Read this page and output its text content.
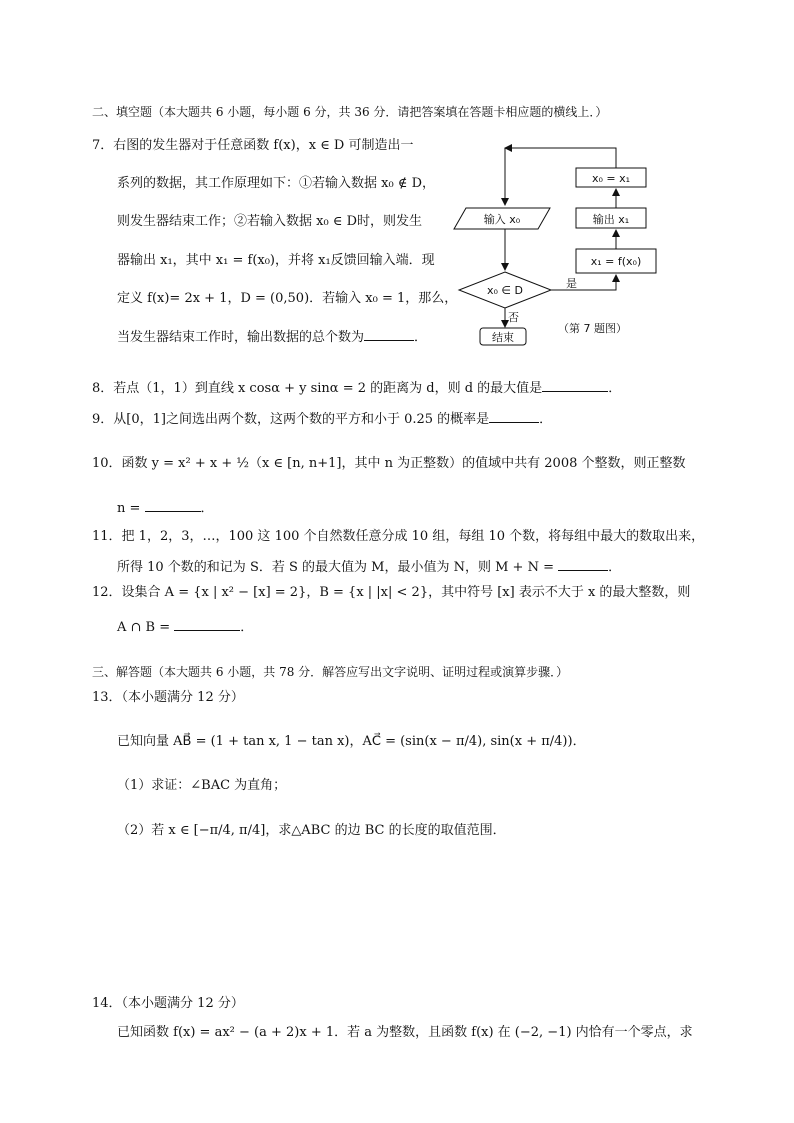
二、填空题（本大题共 6 小题，每小题 6 分，共 36 分．请把答案填在答题卡相应题的横线上．）
7．右图的发生器对于任意函数 f(x)，x ∈ D 可制造出一
系列的数据，其工作原理如下：①若输入数据 x₀ ∉ D，
则发生器结束工作；②若输入数据 x₀ ∈ D时，则发生
器输出 x₁，其中 x₁ = f(x₀)，并将 x₁反馈回输入端．现
定义 f(x)= 2x + 1，D = (0,50)．若输入 x₀ = 1，那么，
当发生器结束工作时，输出数据的总个数为	．
x₀ = x₁
输出 x₁
x₁ = f(x₀)
输入 x₀
x₀ ∈ D
是
否
结束
（第 7 题图）
8．若点（1，1）到直线 x cosα + y sinα = 2 的距离为 d，则 d 的最大值是	．
9．从[0，1]之间选出两个数，这两个数的平方和小于 0.25 的概率是	．
10．函数 y = x² + x + ½（x ∈ [n, n+1]，其中 n 为正整数）的值域中共有 2008 个整数，则正整数
n =	．
11．把 1，2，3，…，100 这 100 个自然数任意分成 10 组，每组 10 个数，将每组中最大的数取出来，
所得 10 个数的和记为 S．若 S 的最大值为 M，最小值为 N，则 M + N =	．
12．设集合 A = {x | x² − [x] = 2}，B = {x | |x| < 2}，其中符号 [x] 表示不大于 x 的最大整数，则
A ∩ B =	．
三、解答题（本大题共 6 小题，共 78 分．解答应写出文字说明、证明过程或演算步骤．）
13．（本小题满分 12 分）
已知向量 AB⃗ = (1 + tan x, 1 − tan x)，AC⃗ = (sin(x − π/4), sin(x + π/4))．
（1）求证：∠BAC 为直角；
（2）若 x ∈ [−π/4, π/4]，求△ABC 的边 BC 的长度的取值范围．
14．（本小题满分 12 分）
已知函数 f(x) = ax² − (a + 2)x + 1．若 a 为整数，且函数 f(x) 在 (−2, −1) 内恰有一个零点，求
